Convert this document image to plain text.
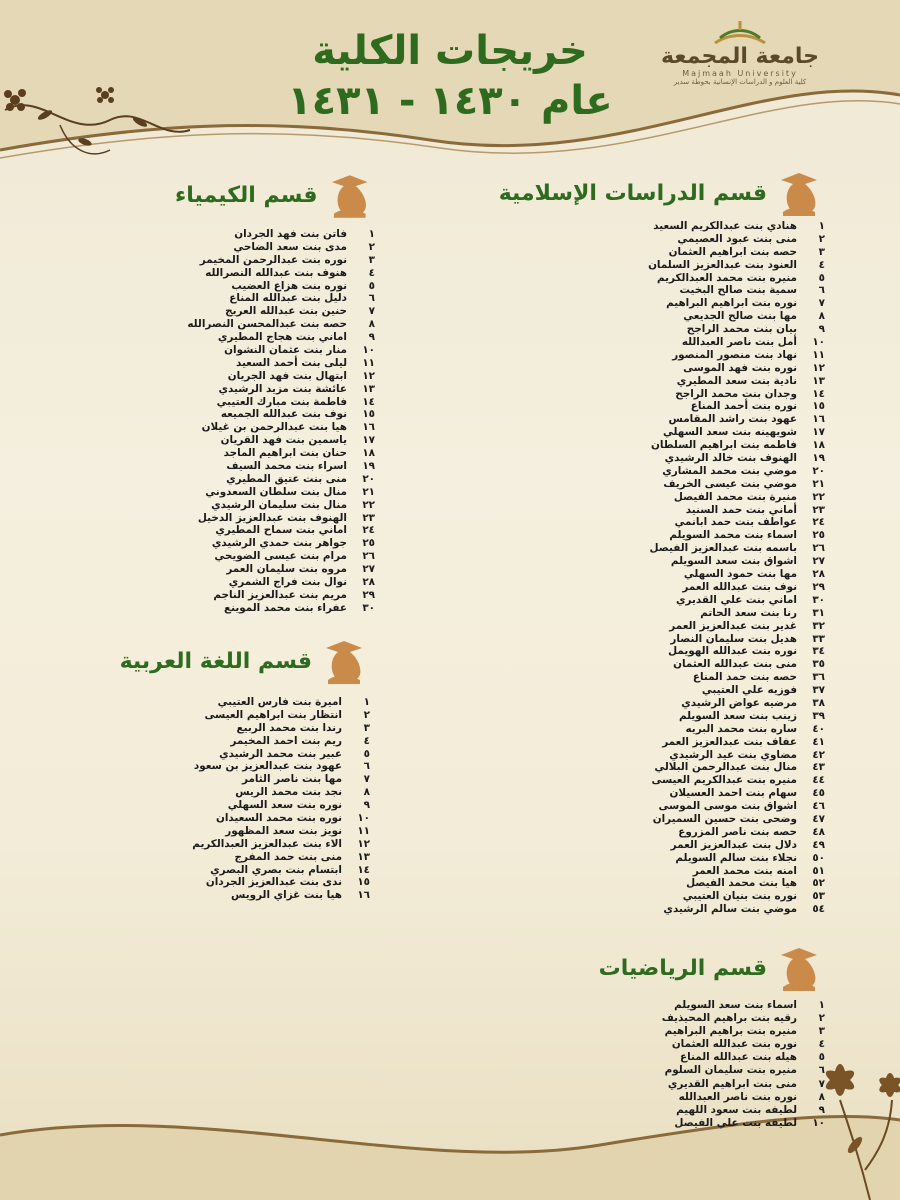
خريجات الكلية
عام ١٤٣٠ - ١٤٣١
جامعة المجمعة
Majmaah University
كلية العلوم و الدراسات الإنسانية بحوطة سدير
قسم الدراسات الإسلامية
١
هنادي بنت عبدالكريم السعيد
٢
منى بنت عبود العصيمي
٣
حصه بنت ابراهيم العثمان
٤
العنود بنت عبدالعزيز السلمان
٥
منيره بنت محمد العبدالكريم
٦
سمية بنت صالح البخيت
٧
نوره بنت ابراهيم البراهيم
٨
مها بنت صالح الجديعي
٩
بيان بنت محمد الراجح
١٠
أمل بنت ناصر العبدالله
١١
نهاد بنت منصور المنصور
١٢
نوره بنت فهد الموسى
١٣
نادية بنت سعد المطيري
١٤
وجدان بنت محمد الراجح
١٥
نوره بنت أحمد المناع
١٦
عهود بنت راشد المقامس
١٧
شويهينه بنت سعد السهلي
١٨
فاطمه بنت ابراهيم السلطان
١٩
الهنوف بنت خالد الرشيدي
٢٠
موضي بنت محمد المشاري
٢١
موضي بنت عيسى الخريف
٢٢
منيرة بنت محمد الفيصل
٢٣
أماني بنت حمد السنيد
٢٤
عواطف بنت حمد ابانمي
٢٥
اسماء بنت محمد السويلم
٢٦
باسمه بنت عبدالعزيز الفيصل
٢٧
اشواق بنت سعد السويلم
٢٨
مها بنت حمود السهلي
٢٩
نوف بنت عبدالله العمر
٣٠
اماني بنت علي القديري
٣١
رنا بنت سعد الحاتم
٣٢
غدير بنت عبدالعزيز العمر
٣٣
هديل بنت سليمان النصار
٣٤
نوره بنت عبدالله الهويمل
٣٥
منى بنت عبدالله العثمان
٣٦
حصه بنت حمد المناع
٣٧
فوزيه علي العتيبي
٣٨
مرضيه عواض الرشيدي
٣٩
زينب بنت سعد السويلم
٤٠
ساره بنت محمد البريه
٤١
عفاف بنت عبدالعزيز العمر
٤٢
مضاوي بنت عيد الرشيدي
٤٣
منال بنت عبدالرحمن البلالي
٤٤
منيره بنت عبدالكريم العيسى
٤٥
سهام بنت احمد العسيلان
٤٦
اشواق بنت موسى الموسى
٤٧
وضحى بنت حسين السميران
٤٨
حصه بنت ناصر المزروع
٤٩
دلال بنت عبدالعزيز العمر
٥٠
نجلاء بنت سالم السويلم
٥١
امنه بنت محمد العمر
٥٢
هيا بنت محمد الفيصل
٥٣
نوره بنت بنيان العتيبي
٥٤
موضي بنت سالم الرشيدي
قسم الكيمياء
١
فاتن بنت فهد الجردان
٢
مدى بنت سعد الضاحي
٣
نوره بنت عبدالرحمن المخيمر
٤
هنوف بنت عبدالله النصرالله
٥
نوره بنت هزاع العضيب
٦
دليل بنت عبدالله المناع
٧
حنين بنت عبدالله العريج
٨
حصه بنت عبدالمحسن النصرالله
٩
اماني بنت هجاج المطيري
١٠
منار بنت عثمان النشوان
١١
ليلى بنت أحمد السعيد
١٢
ابتهال بنت فهد الجريان
١٣
عائشة بنت مزيد الرشيدي
١٤
فاطمة بنت مبارك العتيبي
١٥
نوف بنت عبدالله الجميعه
١٦
هيا بنت عبدالرحمن بن غيلان
١٧
ياسمين بنت فهد القريان
١٨
حنان بنت ابراهيم الماجد
١٩
اسراء بنت محمد السيف
٢٠
منى بنت عتيق المطيري
٢١
منال بنت سلطان السعدوني
٢٢
منال بنت سليمان الرشيدي
٢٣
الهنوف بنت عبدالعزيز الدخيل
٢٤
اماني بنت سماح المطيري
٢٥
جواهر بنت حمدي الرشيدي
٢٦
مرام بنت عيسى الضويحي
٢٧
مروه بنت سليمان العمر
٢٨
نوال بنت فراج الشمري
٢٩
مريم بنت عبدالعزيز الناجم
٣٠
عفراء بنت محمد الموينع
قسم اللغة العربية
١
اميرة بنت فارس العتيبي
٢
انتظار بنت ابراهيم العيسى
٣
رندا بنت محمد الربيع
٤
ريم بنت احمد المخيمر
٥
عبير بنت محمد الرشيدي
٦
عهود بنت عبدالعزيز بن سعود
٧
مها بنت ناصر الثامر
٨
نجد بنت محمد الريس
٩
نوره بنت سعد السهلي
١٠
نوره بنت محمد السعيدان
١١
نويز بنت سعد المظهور
١٢
الاء بنت عبدالعزيز العبدالكريم
١٣
منى بنت حمد المفرج
١٤
ابتسام بنت بصري البصري
١٥
ندى بنت عبدالعزيز الجردان
١٦
هيا بنت غزاي الرويس
قسم الرياضيات
١
اسماء بنت سعد السويلم
٢
رقيه بنت براهيم المحيذيف
٣
منيره بنت براهيم البراهيم
٤
نوره بنت عبدالله العثمان
٥
هيله بنت عبدالله المناع
٦
منيره بنت سليمان السلوم
٧
منى بنت ابراهيم القديري
٨
نوره بنت ناصر العبدالله
٩
لطيفه بنت سعود اللهيم
١٠
لطيفه بنت علي الفيصل
